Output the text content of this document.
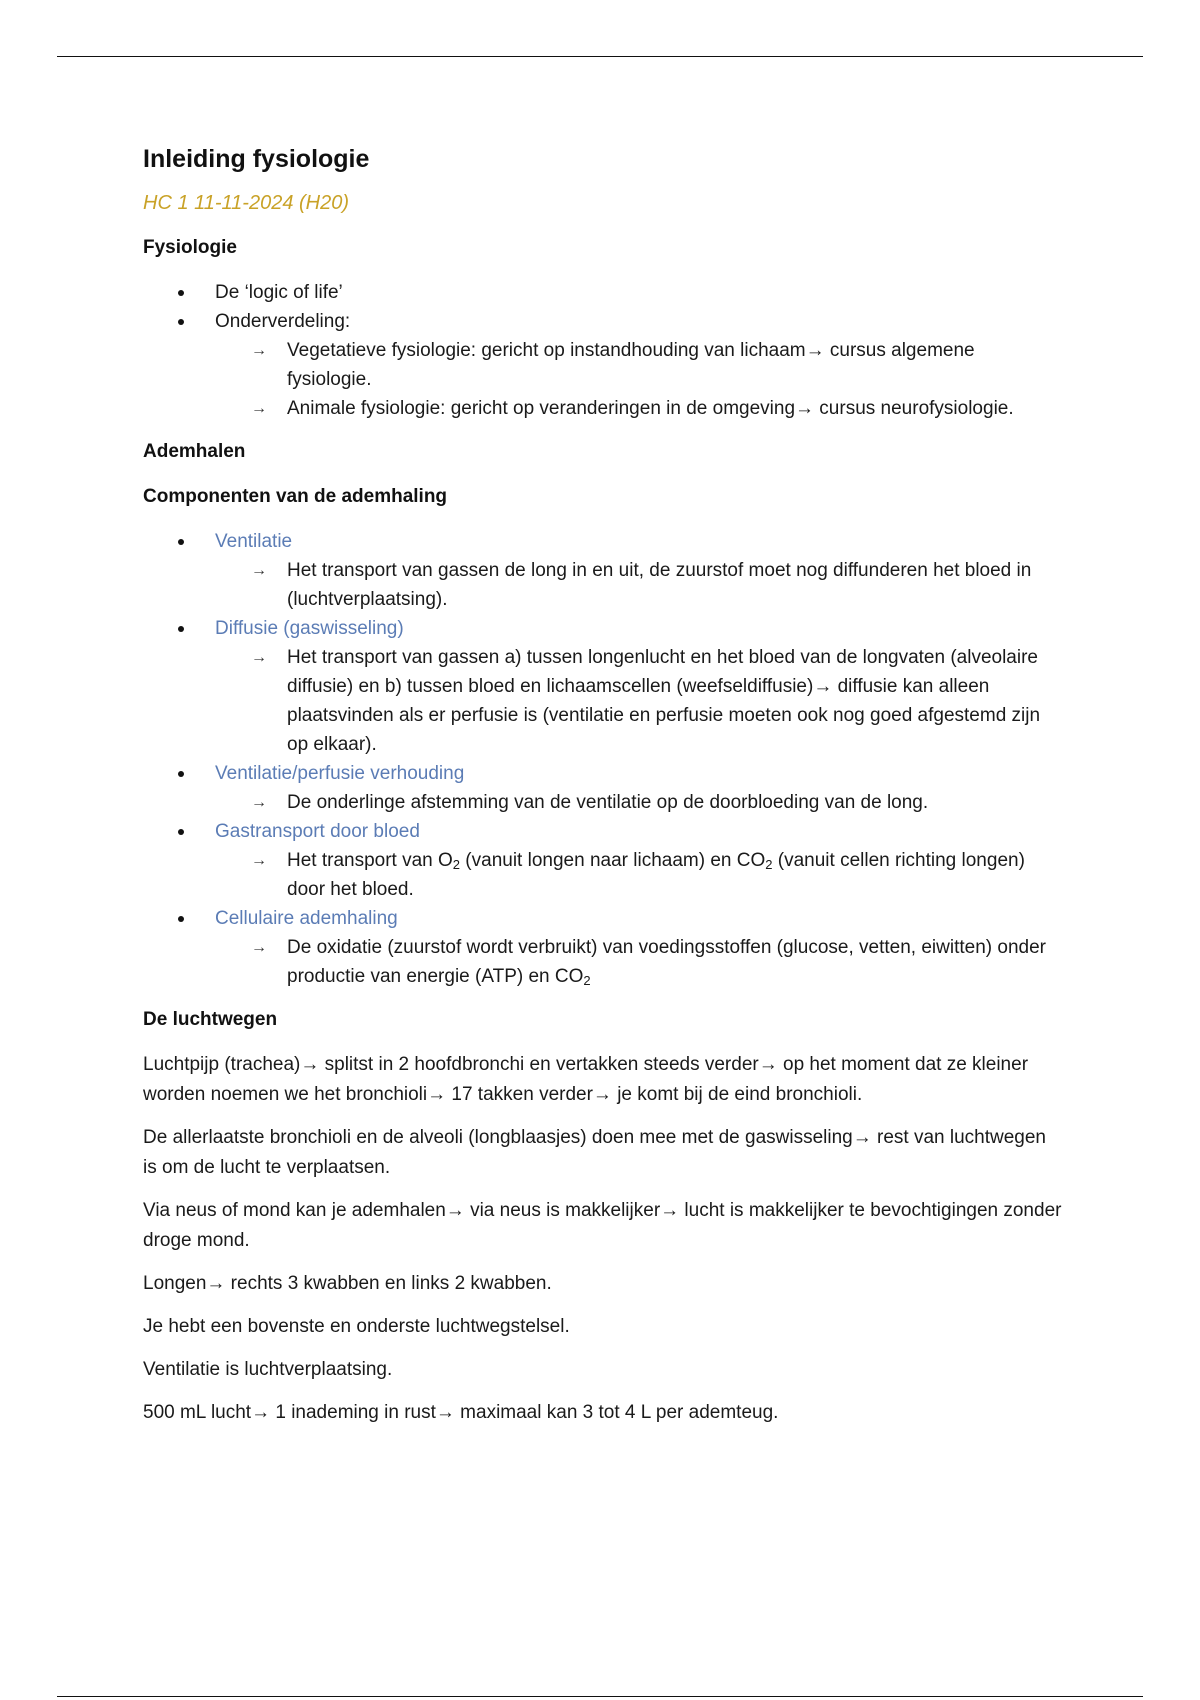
Inleiding fysiologie
HC 1 11-11-2024 (H20)
Fysiologie
De ‘logic of life’
Onderverdeling:
→ Vegetatieve fysiologie: gericht op instandhouding van lichaam→ cursus algemene fysiologie.
→ Animale fysiologie: gericht op veranderingen in de omgeving→ cursus neurofysiologie.
Ademhalen
Componenten van de ademhaling
Ventilatie
→ Het transport van gassen de long in en uit, de zuurstof moet nog diffunderen het bloed in (luchtverplaatsing).
Diffusie (gaswisseling)
→ Het transport van gassen a) tussen longenlucht en het bloed van de longvaten (alveolaire diffusie) en b) tussen bloed en lichaamscellen (weefseldiffusie)→ diffusie kan alleen plaatsvinden als er perfusie is (ventilatie en perfusie moeten ook nog goed afgestemd zijn op elkaar).
Ventilatie/perfusie verhouding
→ De onderlinge afstemming van de ventilatie op de doorbloeding van de long.
Gastransport door bloed
→ Het transport van O2 (vanuit longen naar lichaam) en CO2 (vanuit cellen richting longen) door het bloed.
Cellulaire ademhaling
→ De oxidatie (zuurstof wordt verbruikt) van voedingsstoffen (glucose, vetten, eiwitten) onder productie van energie (ATP) en CO2
De luchtwegen

Luchtpijp (trachea)→ splitst in 2 hoofdbronchi en vertakken steeds verder→ op het moment dat ze kleiner worden noemen we het bronchioli→ 17 takken verder→ je komt bij de eind bronchioli.

De allerlaatste bronchioli en de alveoli (longblaasjes) doen mee met de gaswisseling→ rest van luchtwegen is om de lucht te verplaatsen.

Via neus of mond kan je ademhalen→ via neus is makkelijker→ lucht is makkelijker te bevochtigingen zonder droge mond.

Longen→ rechts 3 kwabben en links 2 kwabben.

Je hebt een bovenste en onderste luchtwegstelsel.

Ventilatie is luchtverplaatsing.

500 mL lucht→ 1 inademing in rust→ maximaal kan 3 tot 4 L per ademteug.
